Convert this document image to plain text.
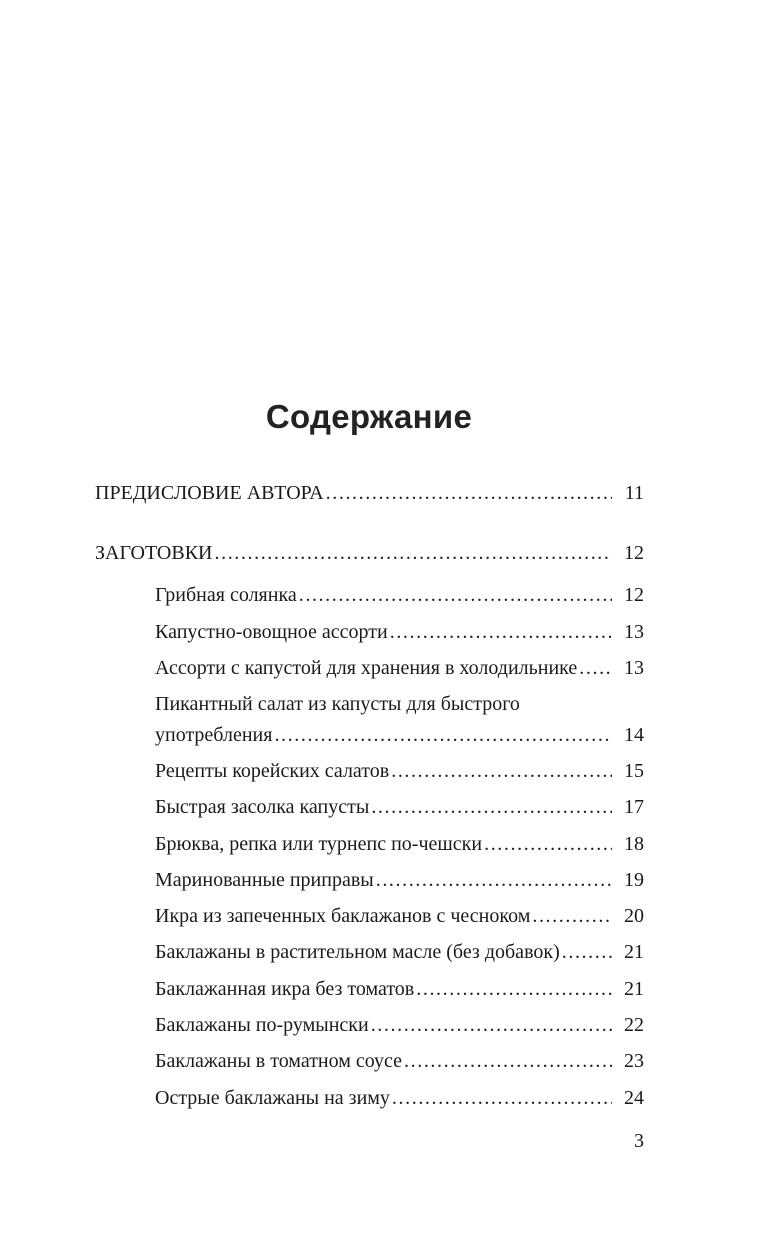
Содержание
ПРЕДИСЛОВИЕ АВТОРА .....	11
ЗАГОТОВКИ .....	12
Грибная солянка .....	12
Капустно-овощное ассорти .....	13
Ассорти с капустой для хранения в холодильнике .....	13
Пикантный салат из капусты для быстрого
употребления .....	14
Рецепты корейских салатов .....	15
Быстрая засолка капусты .....	17
Брюква, репка или турнепс по-чешски .....	18
Маринованные приправы .....	19
Икра из запеченных баклажанов с чесноком .....	20
Баклажаны в растительном масле (без добавок) .....	21
Баклажанная икра без томатов .....	21
Баклажаны по-румынски .....	22
Баклажаны в томатном соусе .....	23
Острые баклажаны на зиму .....	24
3
